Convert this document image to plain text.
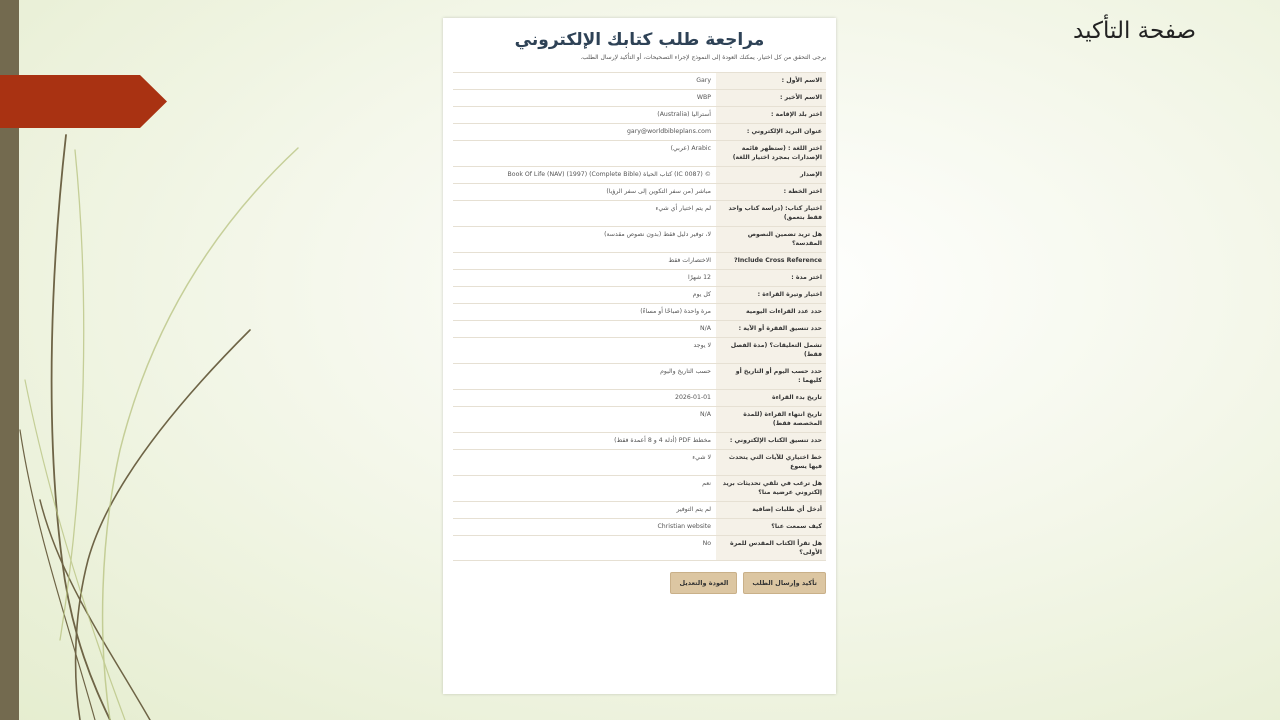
صفحة التأكيد
مراجعة طلب كتابك الإلكتروني
يرجى التحقق من كل اختيار. يمكنك العودة إلى النموذج لإجراء التصحيحات، أو التأكيد لإرسال الطلب.
الاسم الأول :	Gary
الاسم الأخير :	WBP
اختر بلد الإقامة :	أستراليا (Australia)
عنوان البريد الإلكتروني :	gary@worldbibleplans.com
اختر اللغة : (ستظهر قائمة الإصدارات بمجرد اختيار اللغة)	Arabic (عربي)
الإصدار	© (IC 0087) كتاب الحياة Book Of Life (NAV) (1997) (Complete Bible)
اختر الخطة :	مباشر (من سفر التكوين إلى سفر الرؤيا)
اختيار كتاب: (دراسة كتاب واحد فقط بتعمق)	لم يتم اختيار أي شيء
هل تريد تضمين النصوص المقدسة؟	لا، توفير دليل فقط (بدون نصوص مقدسة)
Include Cross Reference?	الاختصارات فقط
اختر مدة :	12 شهرًا
اختيار وتيرة القراءة :	كل يوم
حدد عدد القراءات اليومية	مرة واحدة (صباحًا أو مساءً)
حدد تنسيق الفقرة أو الآية :	N/A
تشمل التعليقات؟ (مدة الفصل فقط)	لا يوجد
حدد حسب اليوم أو التاريخ أو كليهما :	حسب التاريخ واليوم
تاريخ بدء القراءة	2026-01-01
تاريخ انتهاء القراءة (للمدة المخصصة فقط)	N/A
حدد تنسيق الكتاب الإلكتروني :	مخطط PDF (أدلة 4 و 8 أعمدة فقط)
خط اختياري للآيات التي يتحدث فيها يسوع	لا شيء
هل ترغب في تلقي تحديثات بريد إلكتروني عرضية منا؟	نعم
أدخل أي طلبات إضافية	لم يتم التوفير
كيف سمعت عنا؟	Christian website
هل تقرأ الكتاب المقدس للمرة الأولى؟	No
تأكيد وإرسال الطلب
العودة والتعديل
